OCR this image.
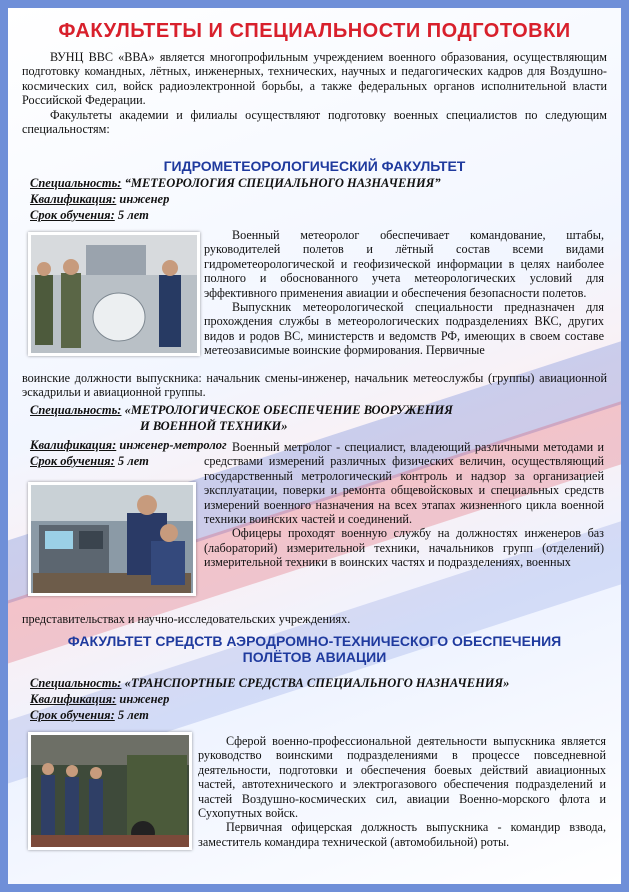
ФАКУЛЬТЕТЫ И СПЕЦИАЛЬНОСТИ ПОДГОТОВКИ

ВУНЦ ВВС «ВВА» является многопрофильным учреждением военного образования, осуществляющим подготовку командных, лётных, инженерных, технических, научных и педагогических кадров для Воздушно-космических сил, войск радиоэлектронной борьбы, а также федеральных органов исполнительной власти Российской Федерации.

Факультеты академии и филиалы осуществляют подготовку военных специалистов по следующим специальностям:

ГИДРОМЕТЕОРОЛОГИЧЕСКИЙ ФАКУЛЬТЕТ
Специальность: “МЕТЕОРОЛОГИЯ СПЕЦИАЛЬНОГО НАЗНАЧЕНИЯ”
Квалификация: инженер
Срок обучения: 5 лет

Военный метеоролог обеспечивает командование, штабы, руководителей полетов и лётный состав всеми видами гидрометеорологической и геофизической информации в целях наиболее полного и обоснованного учета метеорологических условий для эффективного применения авиации и обеспечения безопасности полетов.

Выпускник метеорологической специальности предназначен для прохождения службы в метеорологических подразделениях ВКС, других видов и родов ВС, министерств и ведомств РФ, имеющих в своем составе метеозависимые воинские формирования. Первичные

воинские должности выпускника: начальник смены-инженер, начальник метеослужбы (группы) авиационной эскадрильи и авиационной группы.

Специальность: «МЕТРОЛОГИЧЕСКОЕ ОБЕСПЕЧЕНИЕ ВООРУЖЕНИЯ
И ВОЕННОЙ ТЕХНИКИ»
Квалификация: инженер-метролог
Срок обучения: 5 лет

Военный метролог - специалист, владеющий различными методами и средствами измерений различных физических величин, осуществляющий государственный метрологический контроль и надзор за организацией эксплуатации, поверки и ремонта общевойсковых и специальных средств измерений военного назначения на всех этапах жизненного цикла военной техники воинских частей и соединений.

Офицеры проходят военную службу на должностях инженеров баз (лабораторий) измерительной техники, начальников групп (отделений) измерительной техники в воинских частях и подразделениях, военных

представительствах и научно-исследовательских учреждениях.

ФАКУЛЬТЕТ СРЕДСТВ АЭРОДРОМНО-ТЕХНИЧЕСКОГО ОБЕСПЕЧЕНИЯ
ПОЛЁТОВ АВИАЦИИ
Специальность: «ТРАНСПОРТНЫЕ СРЕДСТВА СПЕЦИАЛЬНОГО НАЗНАЧЕНИЯ»
Квалификация: инженер
Срок обучения: 5 лет

Сферой военно-профессиональной деятельности выпускника является руководство воинскими подразделениями в процессе повседневной деятельности, подготовки и обеспечения боевых действий авиационных частей, автотехнического и электрогазового обеспечения подразделений и частей Воздушно-космических сил, авиации Военно-морского флота и Сухопутных войск.

Первичная офицерская должность выпускника - командир взвода, заместитель командира технической (автомобильной) роты.
